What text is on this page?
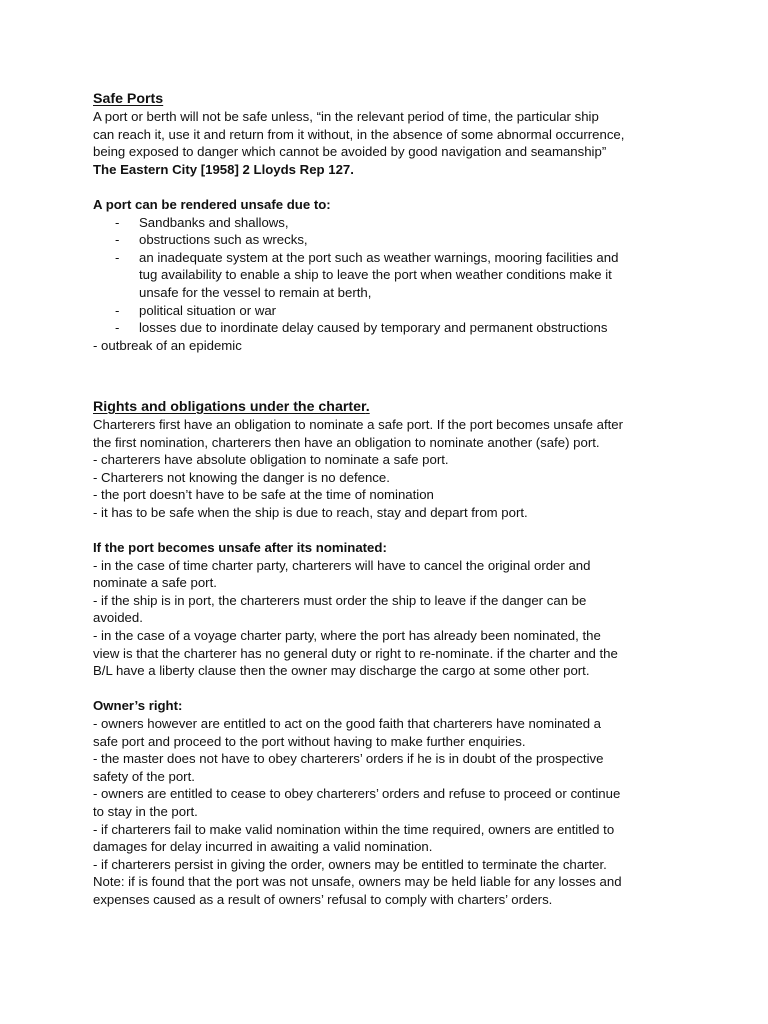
Safe Ports
A port or berth will not be safe unless, “in the relevant period of time, the particular ship
can reach it, use it and return from it without, in the absence of some abnormal occurrence,
being exposed to danger which cannot be avoided by good navigation and seamanship”
The Eastern City [1958] 2 Lloyds Rep 127.
A port can be rendered unsafe due to:
- Sandbanks and shallows,
- obstructions such as wrecks,
- an inadequate system at the port such as weather warnings, mooring facilities and
tug availability to enable a ship to leave the port when weather conditions make it
unsafe for the vessel to remain at berth,
- political situation or war
- losses due to inordinate delay caused by temporary and permanent obstructions
- outbreak of an epidemic
Rights and obligations under the charter.
Charterers first have an obligation to nominate a safe port. If the port becomes unsafe after
the first nomination, charterers then have an obligation to nominate another (safe) port.
- charterers have absolute obligation to nominate a safe port.
- Charterers not knowing the danger is no defence.
- the port doesn’t have to be safe at the time of nomination
- it has to be safe when the ship is due to reach, stay and depart from port.
If the port becomes unsafe after its nominated:
- in the case of time charter party, charterers will have to cancel the original order and
nominate a safe port.
- if the ship is in port, the charterers must order the ship to leave if the danger can be
avoided.
- in the case of a voyage charter party, where the port has already been nominated, the
view is that the charterer has no general duty or right to re-nominate. if the charter and the
B/L have a liberty clause then the owner may discharge the cargo at some other port.
Owner’s right:
- owners however are entitled to act on the good faith that charterers have nominated a
safe port and proceed to the port without having to make further enquiries.
- the master does not have to obey charterers’ orders if he is in doubt of the prospective
safety of the port.
- owners are entitled to cease to obey charterers’ orders and refuse to proceed or continue
to stay in the port.
- if charterers fail to make valid nomination within the time required, owners are entitled to
damages for delay incurred in awaiting a valid nomination.
- if charterers persist in giving the order, owners may be entitled to terminate the charter.
Note: if is found that the port was not unsafe, owners may be held liable for any losses and
expenses caused as a result of owners’ refusal to comply with charters’ orders.
